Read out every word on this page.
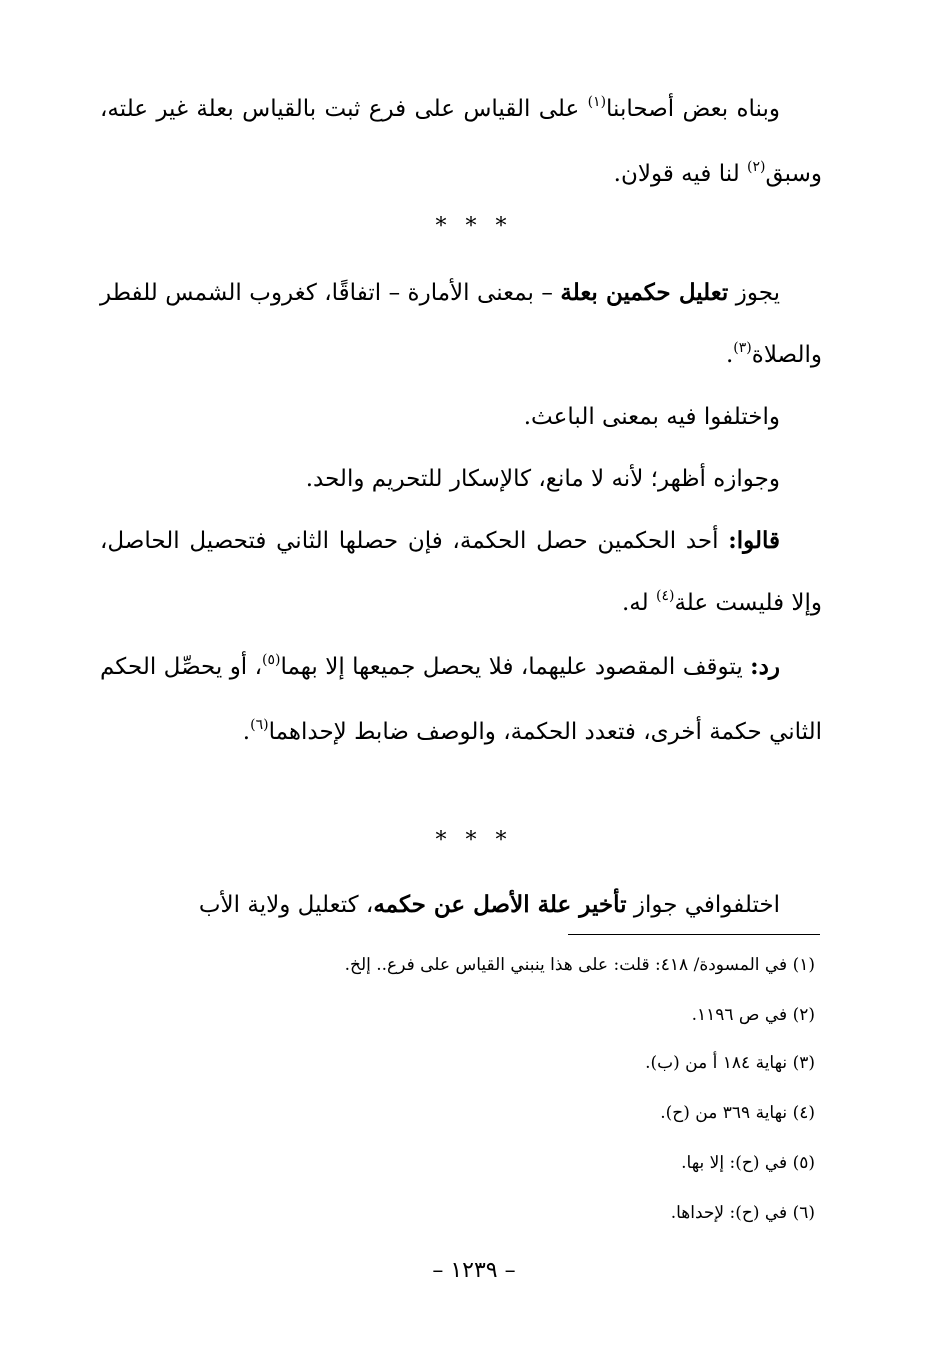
وبناه بعض أصحابنا$^{(١)}$ على القياس على فرع ثبت بالقياس بعلة غير علته، وسبق$^{(٢)}$ لنا فيه قولان.

* * *

يجوز تعليل حكمين بعلة – بمعنى الأمارة – اتفاقًا، كغروب الشمس للفطر والصلاة$^{(٣)}$.

واختلفوا فيه بمعنى الباعث.

وجوازه أظهر؛ لأنه لا مانع، كالإسكار للتحريم والحد.

قالوا: أحد الحكمين حصل الحكمة، فإن حصلها الثاني فتحصيل الحاصل، وإلا فليست علة$^{(٤)}$ له.

رد: يتوقف المقصود عليهما، فلا يحصل جميعها إلا بهما$^{(٥)}$، أو يحصِّل الحكم الثاني حكمة أخرى، فتعدد الحكمة، والوصف ضابط لإحداهما$^{(٦)}$.

* * *

اختلفوافي جواز تأخير علة الأصل عن حكمه، كتعليل ولاية الأب

(١) في المسودة/ ٤١٨: قلت: على هذا ينبني القياس على فرع.. إلخ.

(٢) في ص ١١٩٦.

(٣) نهاية ١٨٤ أ من (ب).

(٤) نهاية ٣٦٩ من (ح).

(٥) في (ح): إلا بها.

(٦) في (ح): لإحداها.

– ١٢٣٩ –
